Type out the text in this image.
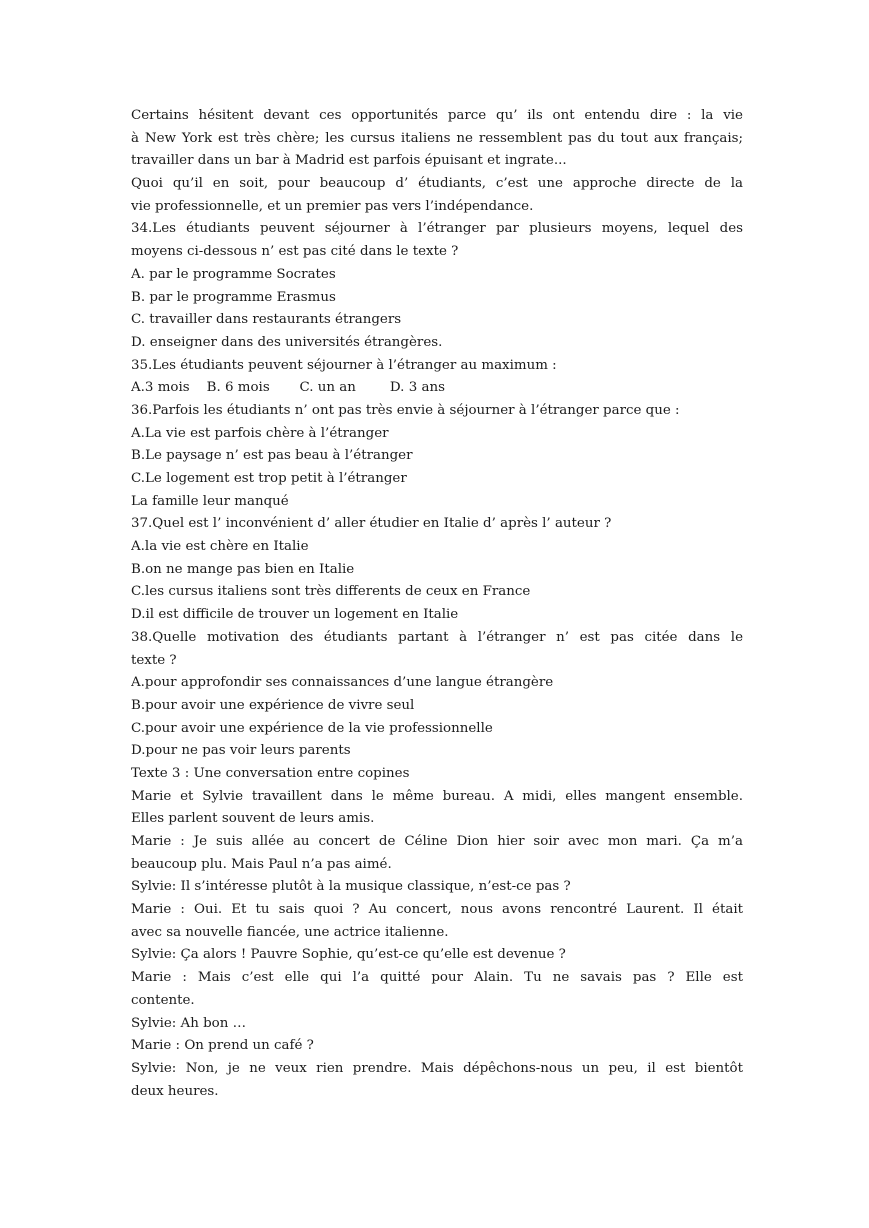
Certains hésitent devant ces opportunités parce qu’ ils ont entendu dire : la vie
à New York est très chère; les cursus italiens ne ressemblent pas du tout aux français;
travailler dans un bar à Madrid est parfois épuisant et ingrate...
Quoi qu’il en soit, pour beaucoup d’ étudiants, c’est une approche directe de la
vie professionnelle, et un premier pas vers l’indépendance.
34.Les étudiants peuvent séjourner à l’étranger par plusieurs moyens, lequel des
moyens ci-dessous n’ est pas cité dans le texte ?
A. par le programme Socrates
B. par le programme Erasmus
C. travailler dans restaurants étrangers
D. enseigner dans des universités étrangères.
35.Les étudiants peuvent séjourner à l’étranger au maximum :
A.3 mois    B. 6 mois       C. un an        D. 3 ans
36.Parfois les étudiants n’ ont pas très envie à séjourner à l’étranger parce que :
A.La vie est parfois chère à l’étranger
B.Le paysage n’ est pas beau à l’étranger
C.Le logement est trop petit à l’étranger
La famille leur manqué
37.Quel est l’ inconvénient d’ aller étudier en Italie d’ après l’ auteur ?
A.la vie est chère en Italie
B.on ne mange pas bien en Italie
C.les cursus italiens sont très differents de ceux en France
D.il est difficile de trouver un logement en Italie
38.Quelle motivation des étudiants partant à l’étranger n’ est pas citée dans le
texte ?
A.pour approfondir ses connaissances d’une langue étrangère
B.pour avoir une expérience de vivre seul
C.pour avoir une expérience de la vie professionnelle
D.pour ne pas voir leurs parents
Texte 3 : Une conversation entre copines
Marie et Sylvie travaillent dans le même bureau. A midi, elles mangent ensemble.
Elles parlent souvent de leurs amis.
Marie : Je suis allée au concert de Céline Dion hier soir avec mon mari. Ça m’a
beaucoup plu. Mais Paul n’a pas aimé.
Sylvie: Il s’intéresse plutôt à la musique classique, n’est-ce pas ?
Marie : Oui. Et tu sais quoi ? Au concert, nous avons rencontré Laurent. Il était
avec sa nouvelle fiancée, une actrice italienne.
Sylvie: Ça alors ! Pauvre Sophie, qu’est-ce qu’elle est devenue ?
Marie : Mais c’est elle qui l’a quitté pour Alain. Tu ne savais pas ? Elle est
contente.
Sylvie: Ah bon …
Marie : On prend un café ?
Sylvie: Non, je ne veux rien prendre. Mais dépêchons-nous un peu, il est bientôt
deux heures.
